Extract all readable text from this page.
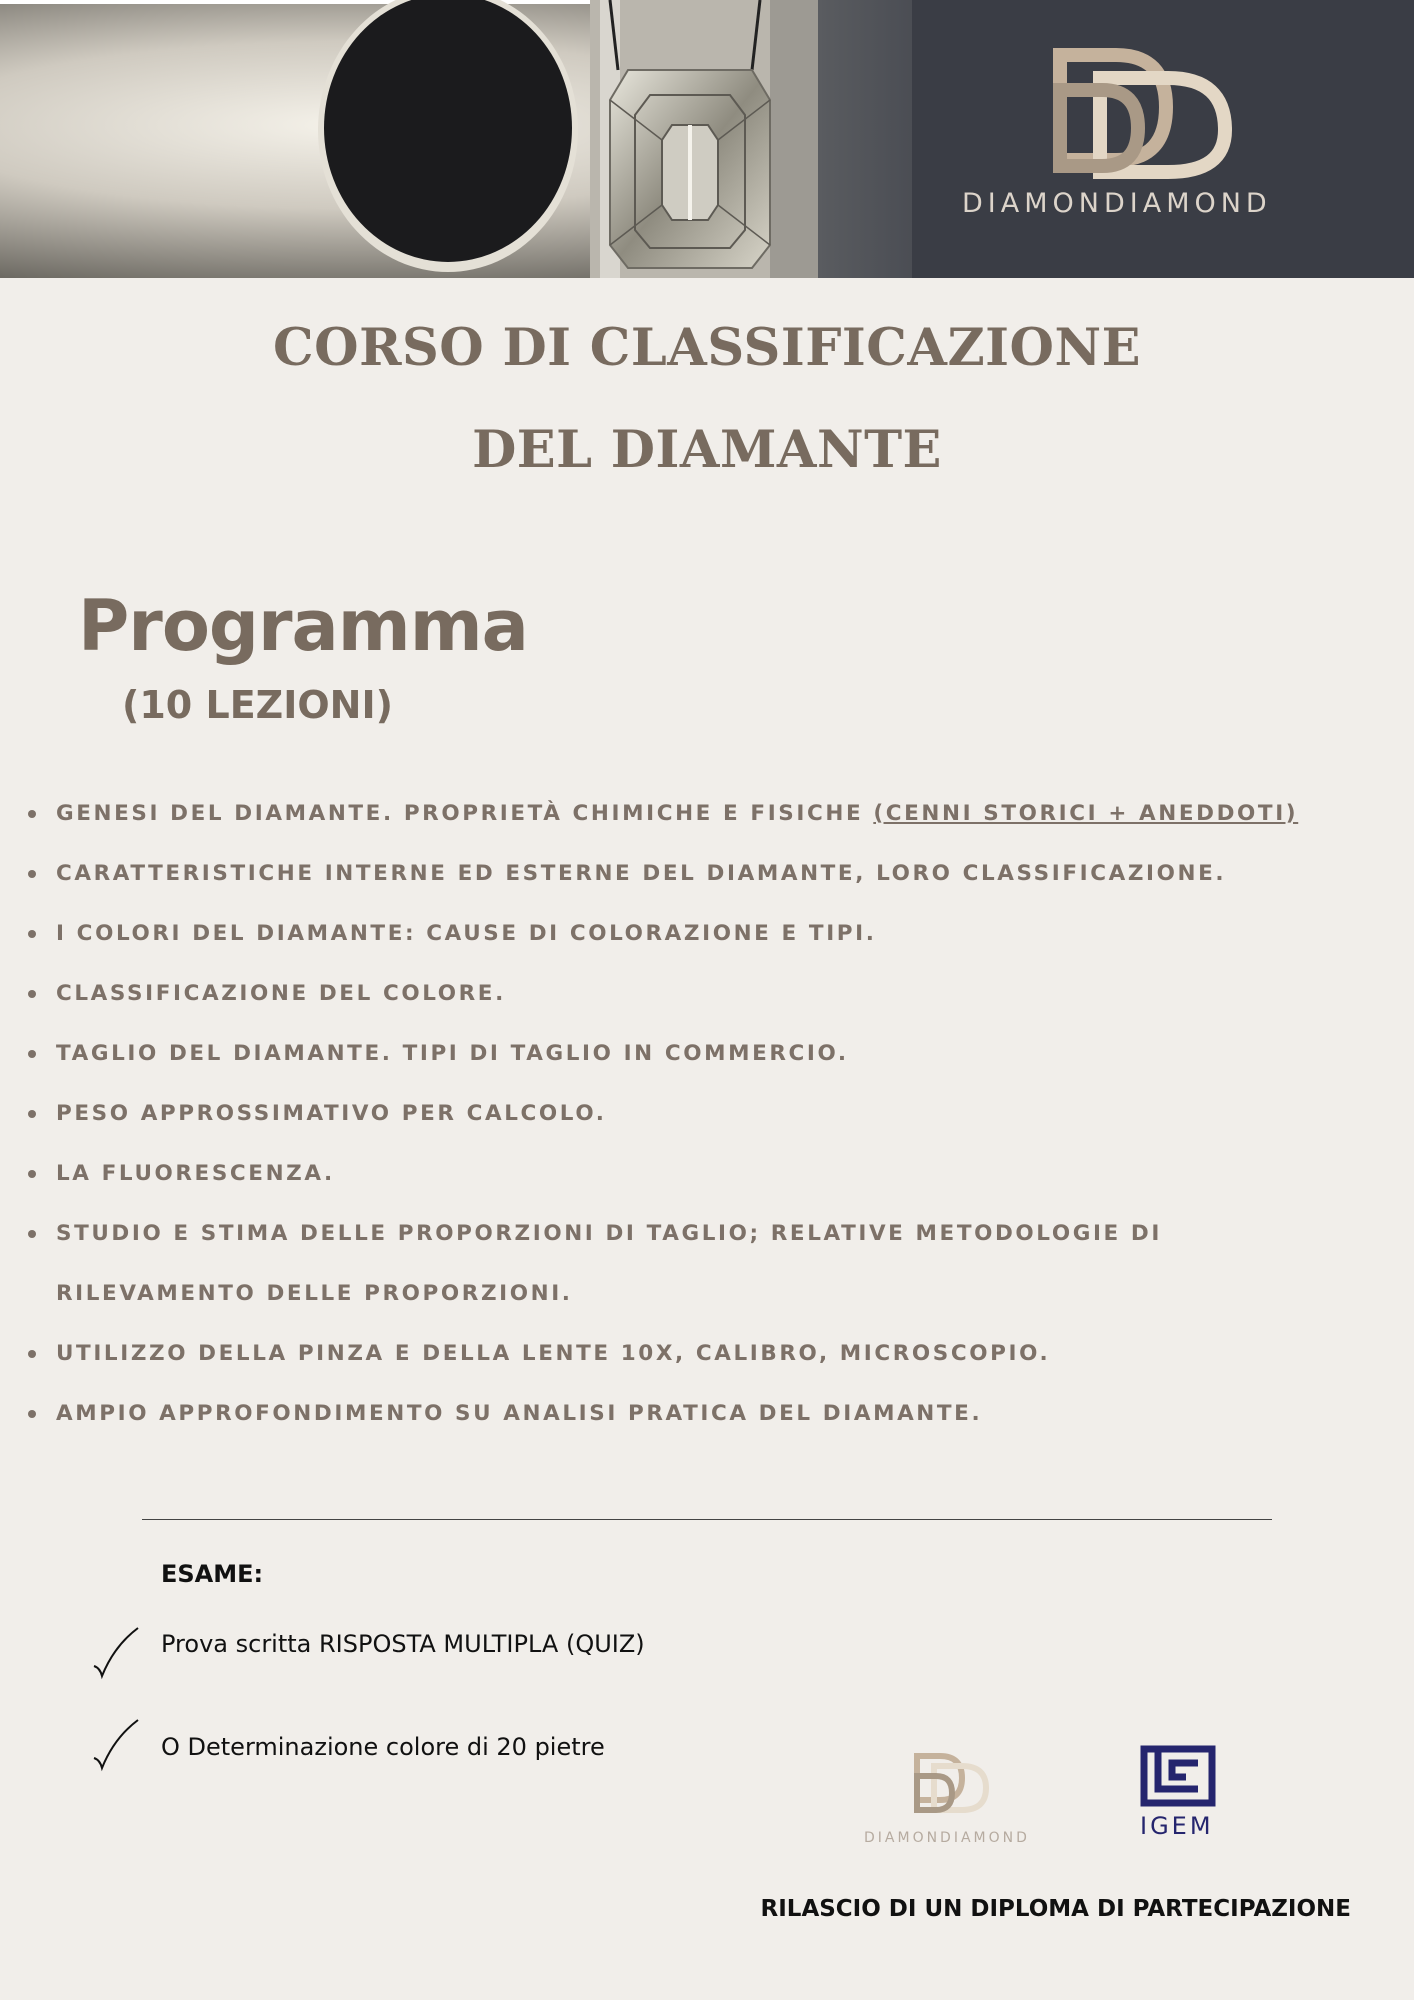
DIAMONDIAMOND
CORSO DI CLASSIFICAZIONE
DEL DIAMANTE
Programma
(10 LEZIONI)
GENESI DEL DIAMANTE. PROPRIETÀ CHIMICHE E FISICHE (CENNI STORICI + ANEDDOTI)
CARATTERISTICHE INTERNE ED ESTERNE DEL DIAMANTE, LORO CLASSIFICAZIONE.
I COLORI DEL DIAMANTE: CAUSE DI COLORAZIONE E TIPI.
CLASSIFICAZIONE DEL COLORE.
TAGLIO DEL DIAMANTE. TIPI DI TAGLIO IN COMMERCIO.
PESO APPROSSIMATIVO PER CALCOLO.
LA FLUORESCENZA.
STUDIO E STIMA DELLE PROPORZIONI DI TAGLIO; RELATIVE METODOLOGIE DI
RILEVAMENTO DELLE PROPORZIONI.
UTILIZZO DELLA PINZA E DELLA LENTE 10X, CALIBRO, MICROSCOPIO.
AMPIO APPROFONDIMENTO SU ANALISI PRATICA DEL DIAMANTE.
ESAME:
Prova scritta RISPOSTA MULTIPLA (QUIZ)
O Determinazione colore di 20 pietre
DIAMONDIAMOND	IGEM
RILASCIO DI UN DIPLOMA DI PARTECIPAZIONE
